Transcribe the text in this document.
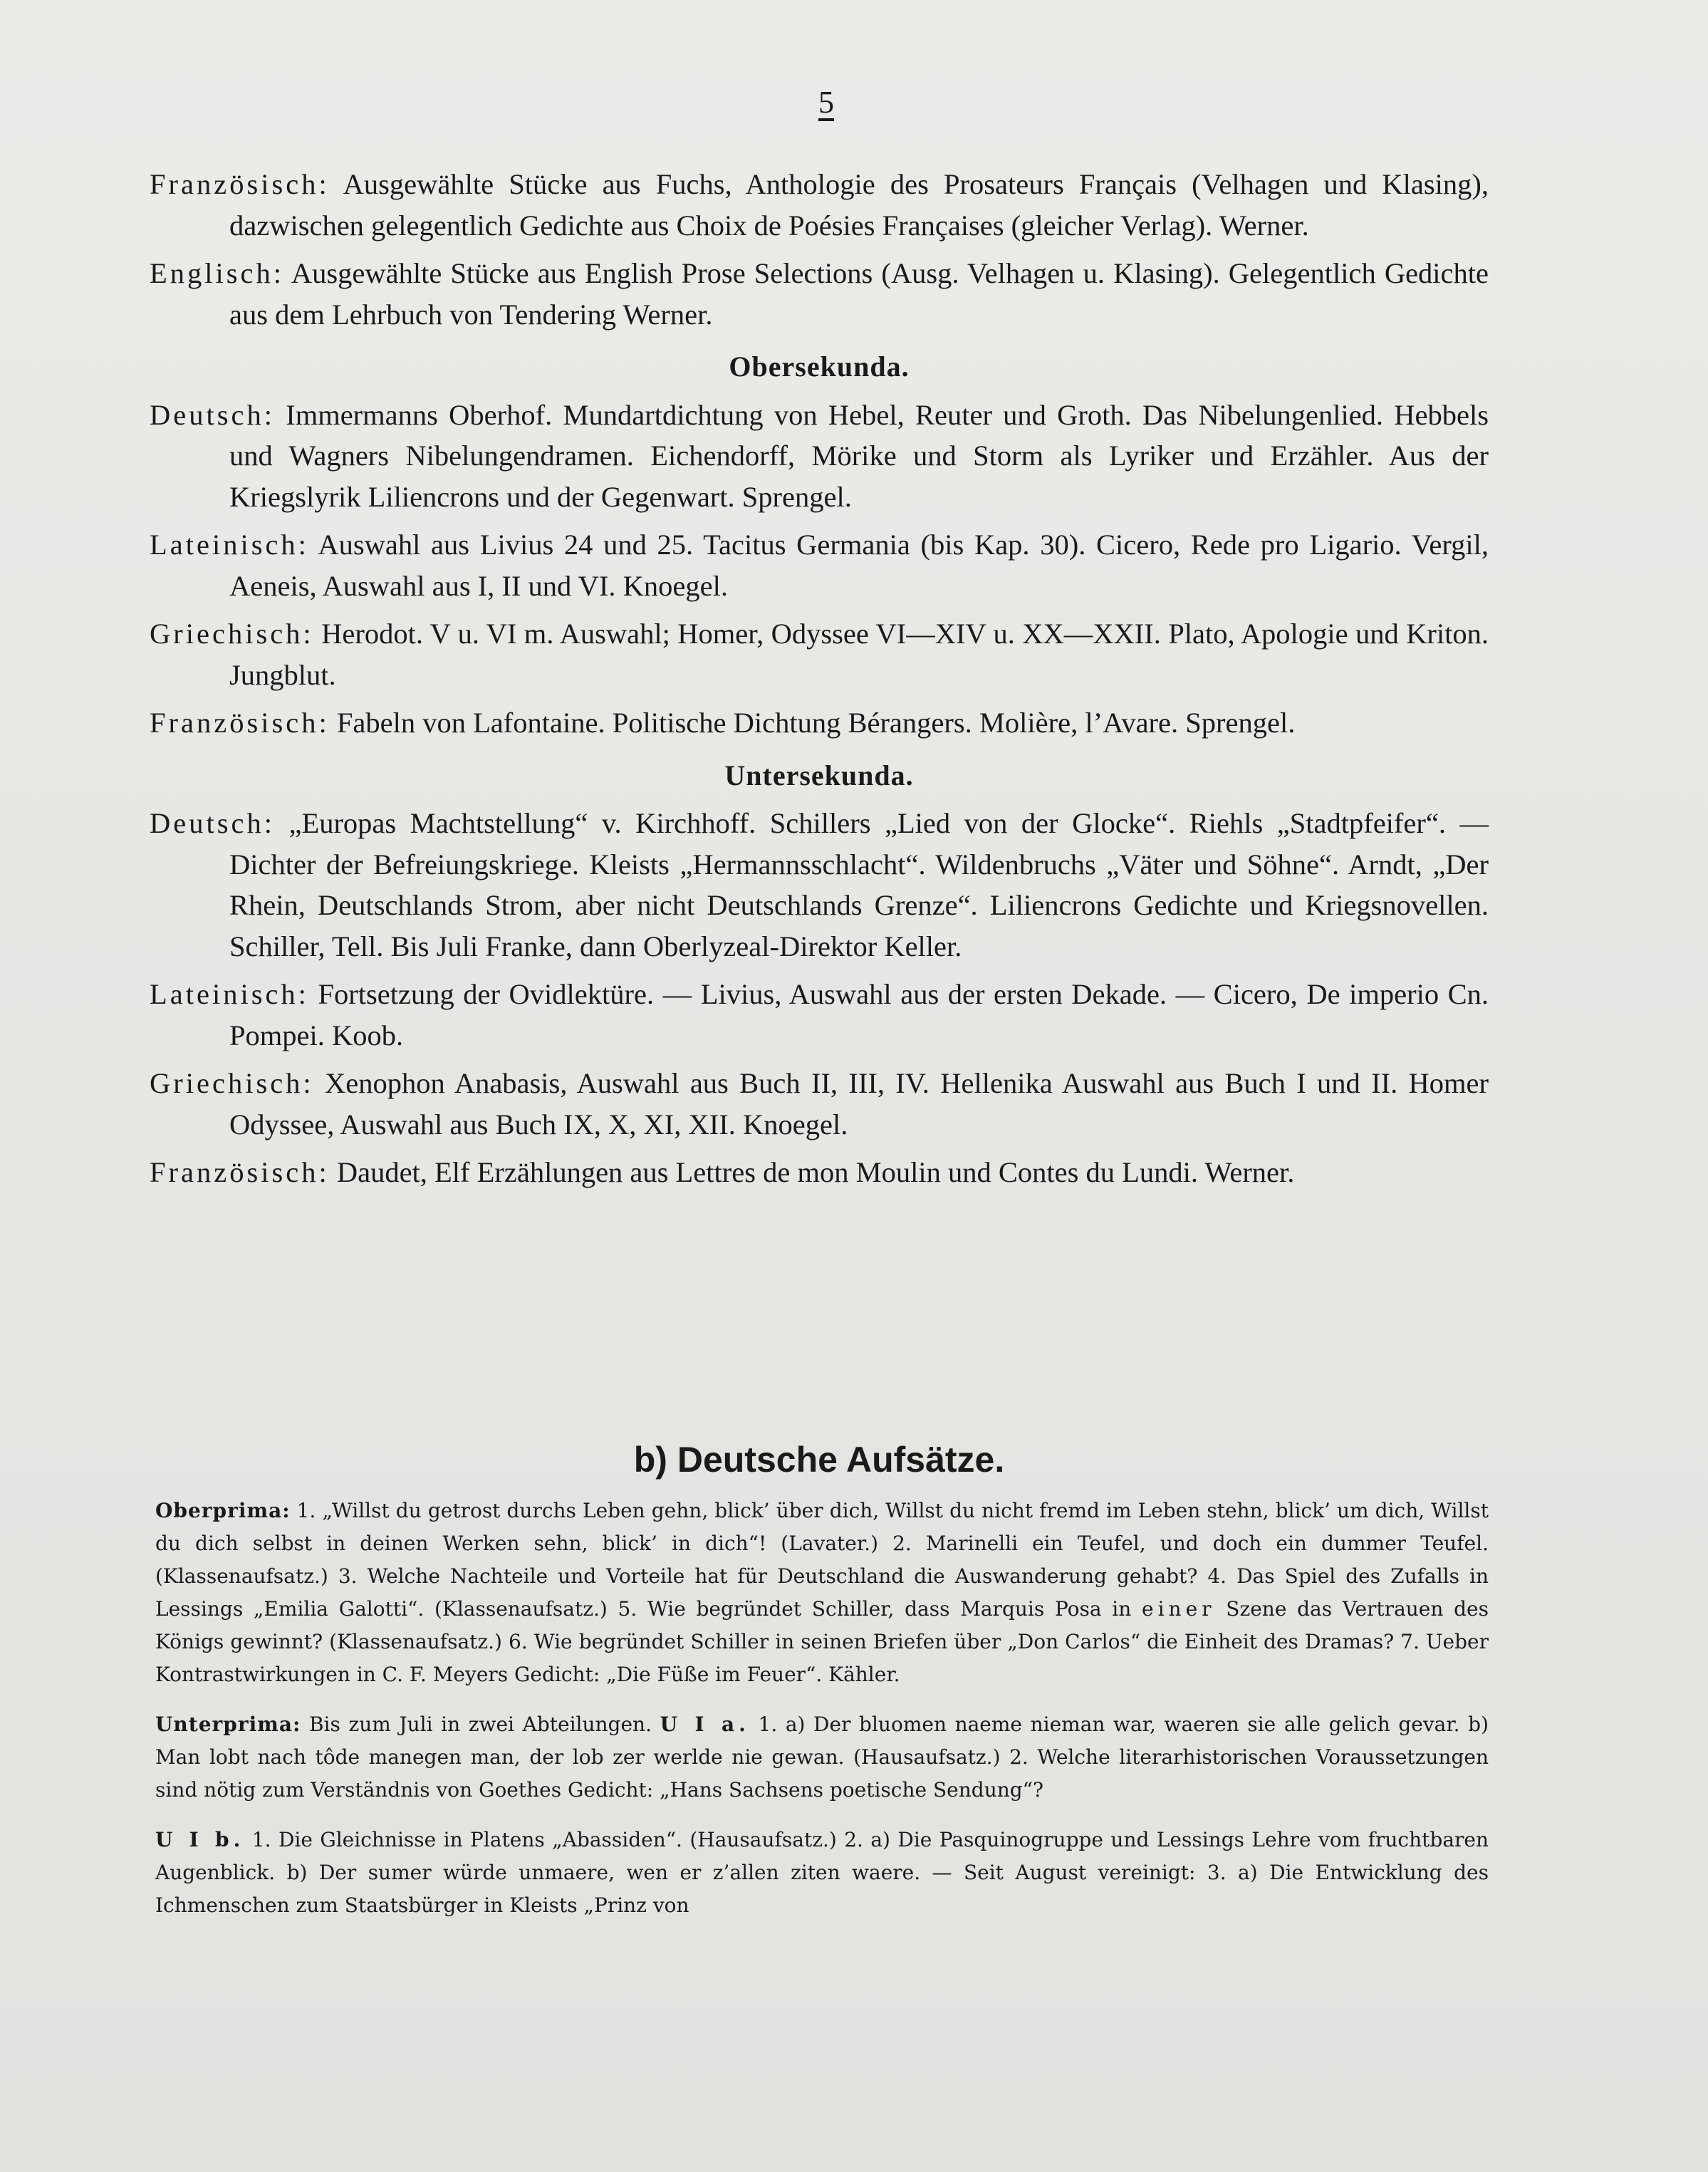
5

Französisch: Ausgewählte Stücke aus Fuchs, Anthologie des Prosateurs Français (Velhagen und Klasing), dazwischen gelegentlich Gedichte aus Choix de Poésies Françaises (gleicher Verlag). Werner.

Englisch: Ausgewählte Stücke aus English Prose Selections (Ausg. Velhagen u. Klasing). Gelegentlich Gedichte aus dem Lehrbuch von Tendering Werner.

Obersekunda.

Deutsch: Immermanns Oberhof. Mundartdichtung von Hebel, Reuter und Groth. Das Nibelungenlied. Hebbels und Wagners Nibelungendramen. Eichendorff, Mörike und Storm als Lyriker und Erzähler. Aus der Kriegslyrik Liliencrons und der Gegenwart. Sprengel.

Lateinisch: Auswahl aus Livius 24 und 25. Tacitus Germania (bis Kap. 30). Cicero, Rede pro Ligario. Vergil, Aeneis, Auswahl aus I, II und VI. Knoegel.

Griechisch: Herodot. V u. VI m. Auswahl; Homer, Odyssee VI—XIV u. XX—XXII. Plato, Apologie und Kriton. Jungblut.

Französisch: Fabeln von Lafontaine. Politische Dichtung Bérangers. Molière, l’Avare. Sprengel.

Untersekunda.

Deutsch: „Europas Machtstellung“ v. Kirchhoff. Schillers „Lied von der Glocke“. Riehls „Stadtpfeifer“. — Dichter der Befreiungskriege. Kleists „Hermannsschlacht“. Wildenbruchs „Väter und Söhne“. Arndt, „Der Rhein, Deutschlands Strom, aber nicht Deutschlands Grenze“. Liliencrons Gedichte und Kriegsnovellen. Schiller, Tell. Bis Juli Franke, dann Oberlyzeal-Direktor Keller.

Lateinisch: Fortsetzung der Ovidlektüre. — Livius, Auswahl aus der ersten Dekade. — Cicero, De imperio Cn. Pompei. Koob.

Griechisch: Xenophon Anabasis, Auswahl aus Buch II, III, IV. Hellenika Auswahl aus Buch I und II. Homer Odyssee, Auswahl aus Buch IX, X, XI, XII. Knoegel.

Französisch: Daudet, Elf Erzählungen aus Lettres de mon Moulin und Contes du Lundi. Werner.

b) Deutsche Aufsätze.

Oberprima: 1. „Willst du getrost durchs Leben gehn, blick’ über dich, Willst du nicht fremd im Leben stehn, blick’ um dich, Willst du dich selbst in deinen Werken sehn, blick’ in dich“! (Lavater.) 2. Marinelli ein Teufel, und doch ein dummer Teufel. (Klassenaufsatz.) 3. Welche Nachteile und Vorteile hat für Deutschland die Auswanderung gehabt? 4. Das Spiel des Zufalls in Lessings „Emilia Galotti“. (Klassenaufsatz.) 5. Wie begründet Schiller, dass Marquis Posa in einer Szene das Vertrauen des Königs gewinnt? (Klassenaufsatz.) 6. Wie begründet Schiller in seinen Briefen über „Don Carlos“ die Einheit des Dramas? 7. Ueber Kontrastwirkungen in C. F. Meyers Gedicht: „Die Füße im Feuer“. Kähler.

Unterprima: Bis zum Juli in zwei Abteilungen. U I a. 1. a) Der bluomen naeme nieman war, waeren sie alle gelich gevar. b) Man lobt nach tôde manegen man, der lob zer werlde nie gewan. (Hausaufsatz.) 2. Welche literarhistorischen Voraussetzungen sind nötig zum Verständnis von Goethes Gedicht: „Hans Sachsens poetische Sendung“?

U I b. 1. Die Gleichnisse in Platens „Abassiden“. (Hausaufsatz.) 2. a) Die Pasquinogruppe und Lessings Lehre vom fruchtbaren Augenblick. b) Der sumer würde unmaere, wen er z’allen ziten waere. — Seit August vereinigt: 3. a) Die Entwicklung des Ichmenschen zum Staatsbürger in Kleists „Prinz von
